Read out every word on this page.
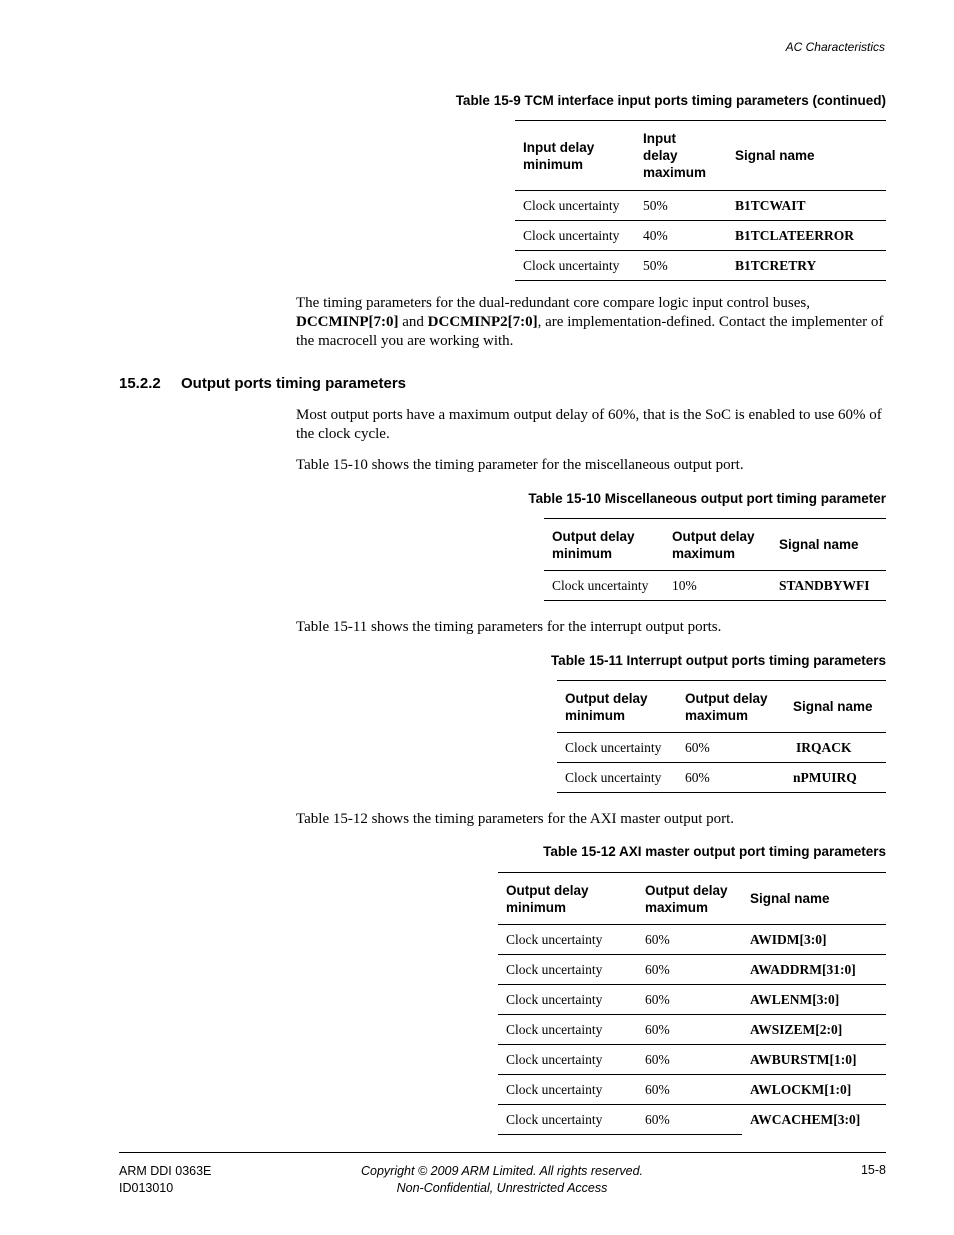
AC Characteristics
Table 15-9 TCM interface input ports timing parameters (continued)
Input delay minimum	Input delay maximum	Signal name
Clock uncertainty	50%	B1TCWAIT
Clock uncertainty	40%	B1TCLATEERROR
Clock uncertainty	50%	B1TCRETRY
The timing parameters for the dual-redundant core compare logic input control buses, DCCMINP[7:0] and DCCMINP2[7:0], are implementation-defined. Contact the implementer of the macrocell you are working with.
15.2.2 Output ports timing parameters
Most output ports have a maximum output delay of 60%, that is the SoC is enabled to use 60% of the clock cycle.
Table 15-10 shows the timing parameter for the miscellaneous output port.
Table 15-10 Miscellaneous output port timing parameter
Output delay minimum	Output delay maximum	Signal name
Clock uncertainty	10%	STANDBYWFI
Table 15-11 shows the timing parameters for the interrupt output ports.
Table 15-11 Interrupt output ports timing parameters
Output delay minimum	Output delay maximum	Signal name
Clock uncertainty	60%	IRQACK
Clock uncertainty	60%	nPMUIRQ
Table 15-12 shows the timing parameters for the AXI master output port.
Table 15-12 AXI master output port timing parameters
Output delay minimum	Output delay maximum	Signal name
Clock uncertainty	60%	AWIDM[3:0]
Clock uncertainty	60%	AWADDRM[31:0]
Clock uncertainty	60%	AWLENM[3:0]
Clock uncertainty	60%	AWSIZEM[2:0]
Clock uncertainty	60%	AWBURSTM[1:0]
Clock uncertainty	60%	AWLOCKM[1:0]
Clock uncertainty	60%	AWCACHEM[3:0]
ARM DDI 0363E
ID013010
Copyright © 2009 ARM Limited. All rights reserved.
Non-Confidential, Unrestricted Access
15-8
